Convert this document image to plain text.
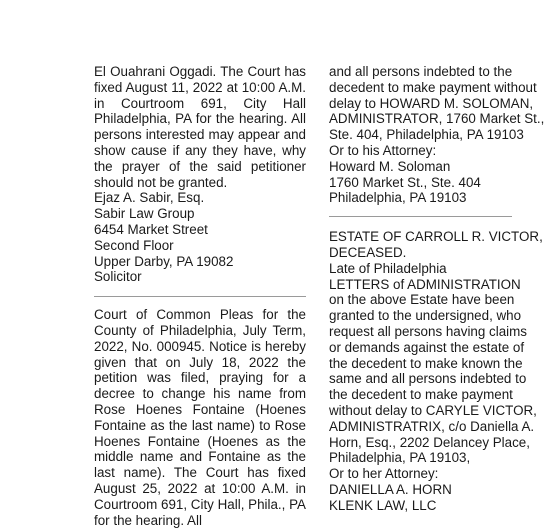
El Ouahrani Oggadi. The Court has fixed August 11, 2022 at 10:00 A.M. in Courtroom 691, City Hall Philadelphia, PA for the hearing. All persons interested may appear and show cause if any they have, why the prayer of the said petitioner should not be granted.

Ejaz A. Sabir, Esq.
Sabir Law Group
6454 Market Street
Second Floor
Upper Darby, PA 19082
Solicitor

Court of Common Pleas for the County of Philadelphia, July Term, 2022, No. 000945. Notice is hereby given that on July 18, 2022 the petition was filed, praying for a decree to change his name from Rose Hoenes Fontaine (Hoenes Fontaine as the last name) to Rose Hoenes Fontaine (Hoenes as the middle name and Fontaine as the last name). The Court has fixed August 25, 2022 at 10:00 A.M. in Courtroom 691, City Hall, Phila., PA for the hearing. All

and all persons indebted to the
decedent to make payment without
delay to HOWARD M. SOLOMAN,
ADMINISTRATOR, 1760 Market St.,
Ste. 404, Philadelphia, PA 19103
Or to his Attorney:
Howard M. Soloman
1760 Market St., Ste. 404
Philadelphia, PA 19103
ESTATE OF CARROLL R. VICTOR,
DECEASED.
Late of Philadelphia
LETTERS of ADMINISTRATION
on the above Estate have been
granted to the undersigned, who
request all persons having claims
or demands against the estate of
the decedent to make known the
same and all persons indebted to
the decedent to make payment
without delay to CARYLE VICTOR,
ADMINISTRATRIX, c/o Daniella A.
Horn, Esq., 2202 Delancey Place,
Philadelphia, PA 19103,
Or to her Attorney:
DANIELLA A. HORN
KLENK LAW, LLC
